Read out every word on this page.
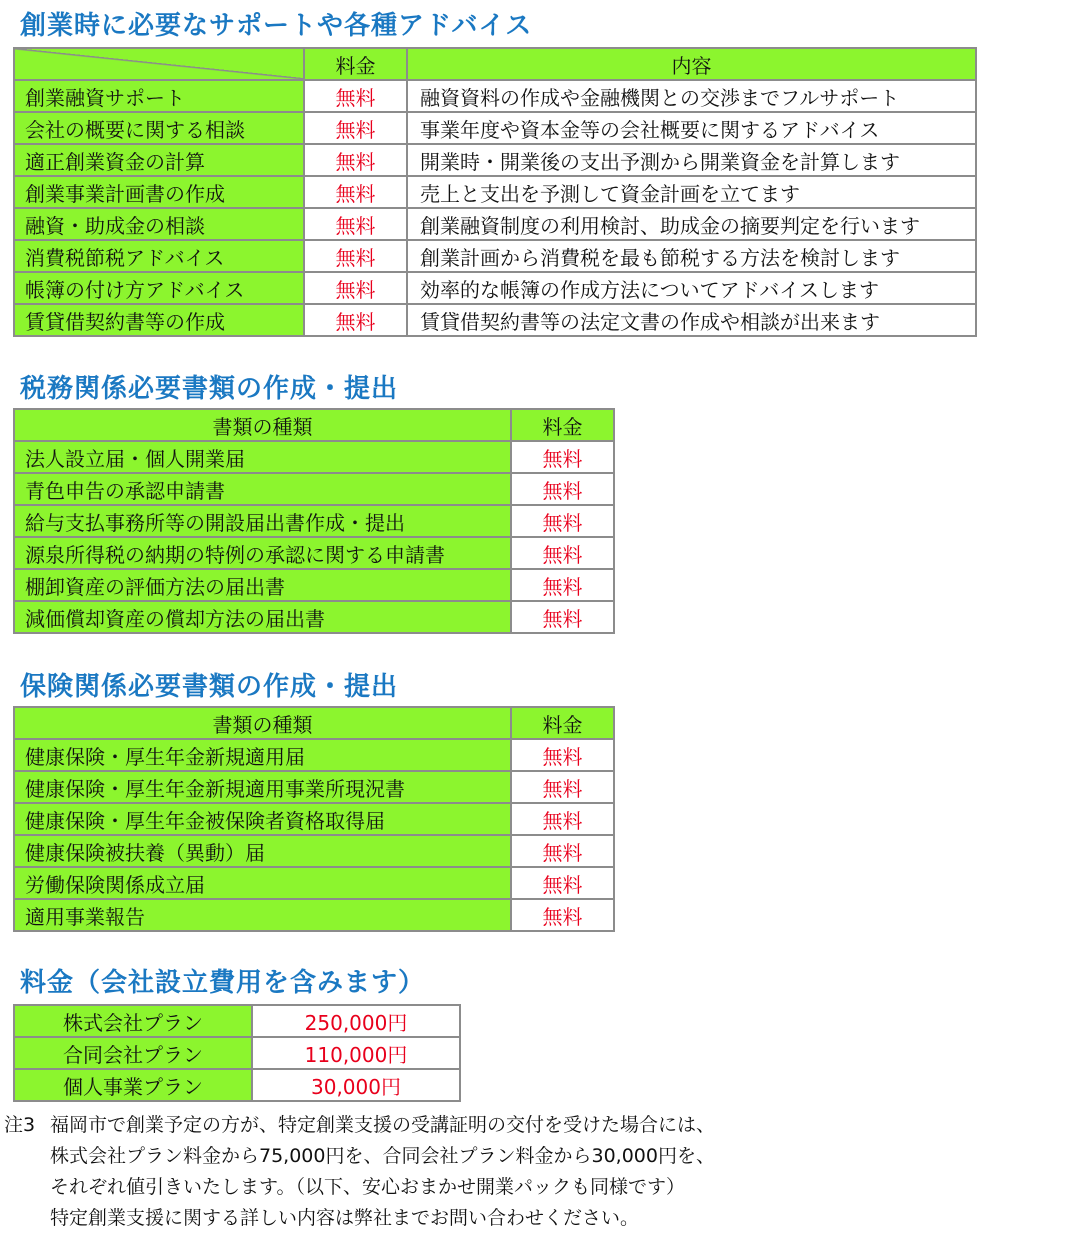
創業時に必要なサポートや各種アドバイス
	料金	内容
創業融資サポート	無料	融資資料の作成や金融機関との交渉までフルサポート
会社の概要に関する相談	無料	事業年度や資本金等の会社概要に関するアドバイス
適正創業資金の計算	無料	開業時・開業後の支出予測から開業資金を計算します
創業事業計画書の作成	無料	売上と支出を予測して資金計画を立てます
融資・助成金の相談	無料	創業融資制度の利用検討、助成金の摘要判定を行います
消費税節税アドバイス	無料	創業計画から消費税を最も節税する方法を検討します
帳簿の付け方アドバイス	無料	効率的な帳簿の作成方法についてアドバイスします
賃貸借契約書等の作成	無料	賃貸借契約書等の法定文書の作成や相談が出来ます
税務関係必要書類の作成・提出
書類の種類	料金
法人設立届・個人開業届	無料
青色申告の承認申請書	無料
給与支払事務所等の開設届出書作成・提出	無料
源泉所得税の納期の特例の承認に関する申請書	無料
棚卸資産の評価方法の届出書	無料
減価償却資産の償却方法の届出書	無料
保険関係必要書類の作成・提出
書類の種類	料金
健康保険・厚生年金新規適用届	無料
健康保険・厚生年金新規適用事業所現況書	無料
健康保険・厚生年金被保険者資格取得届	無料
健康保険被扶養（異動）届	無料
労働保険関係成立届	無料
適用事業報告	無料
料金（会社設立費用を含みます）
株式会社プラン	250,000円
合同会社プラン	110,000円
個人事業プラン	30,000円
注3 福岡市で創業予定の方が、特定創業支援の受講証明の交付を受けた場合には、
株式会社プラン料金から75,000円を、合同会社プラン料金から30,000円を、
それぞれ値引きいたします。（以下、安心おまかせ開業パックも同様です）
特定創業支援に関する詳しい内容は弊社までお問い合わせください。
